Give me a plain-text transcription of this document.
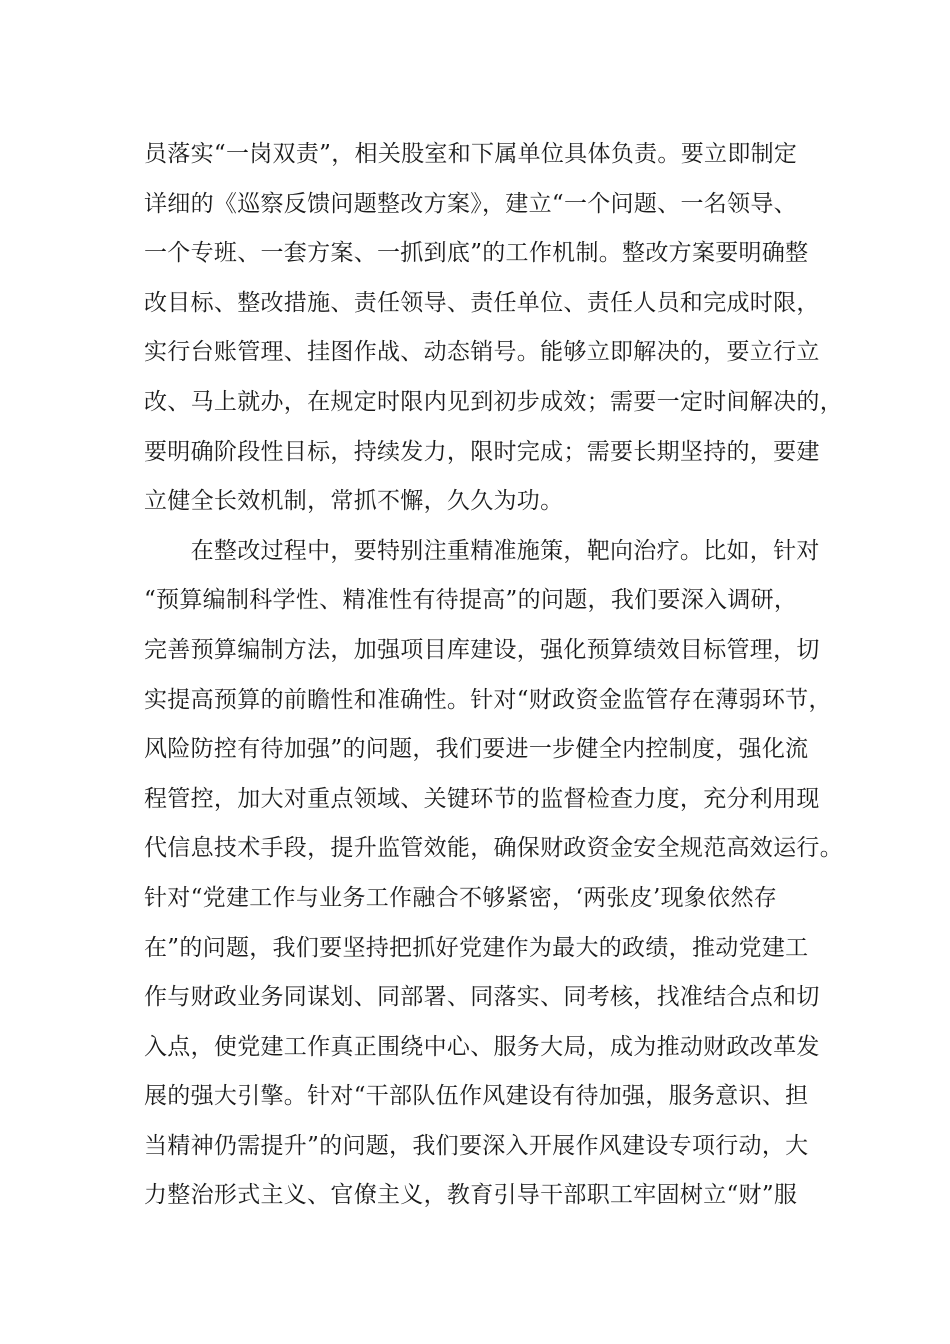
员落实“一岗双责”，相关股室和下属单位具体负责。要立即制定
详细的《巡察反馈问题整改方案》，建立“一个问题、一名领导、
一个专班、一套方案、一抓到底”的工作机制。整改方案要明确整
改目标、整改措施、责任领导、责任单位、责任人员和完成时限，
实行台账管理、挂图作战、动态销号。能够立即解决的，要立行立
改、马上就办，在规定时限内见到初步成效；需要一定时间解决的，
要明确阶段性目标，持续发力，限时完成；需要长期坚持的，要建
立健全长效机制，常抓不懈，久久为功。
　　在整改过程中，要特别注重精准施策，靶向治疗。比如，针对
“预算编制科学性、精准性有待提高”的问题，我们要深入调研，
完善预算编制方法，加强项目库建设，强化预算绩效目标管理，切
实提高预算的前瞻性和准确性。针对“财政资金监管存在薄弱环节，
风险防控有待加强”的问题，我们要进一步健全内控制度，强化流
程管控，加大对重点领域、关键环节的监督检查力度，充分利用现
代信息技术手段，提升监管效能，确保财政资金安全规范高效运行。
针对“党建工作与业务工作融合不够紧密，‘两张皮’现象依然存
在”的问题，我们要坚持把抓好党建作为最大的政绩，推动党建工
作与财政业务同谋划、同部署、同落实、同考核，找准结合点和切
入点，使党建工作真正围绕中心、服务大局，成为推动财政改革发
展的强大引擎。针对“干部队伍作风建设有待加强，服务意识、担
当精神仍需提升”的问题，我们要深入开展作风建设专项行动，大
力整治形式主义、官僚主义，教育引导干部职工牢固树立“财”服
